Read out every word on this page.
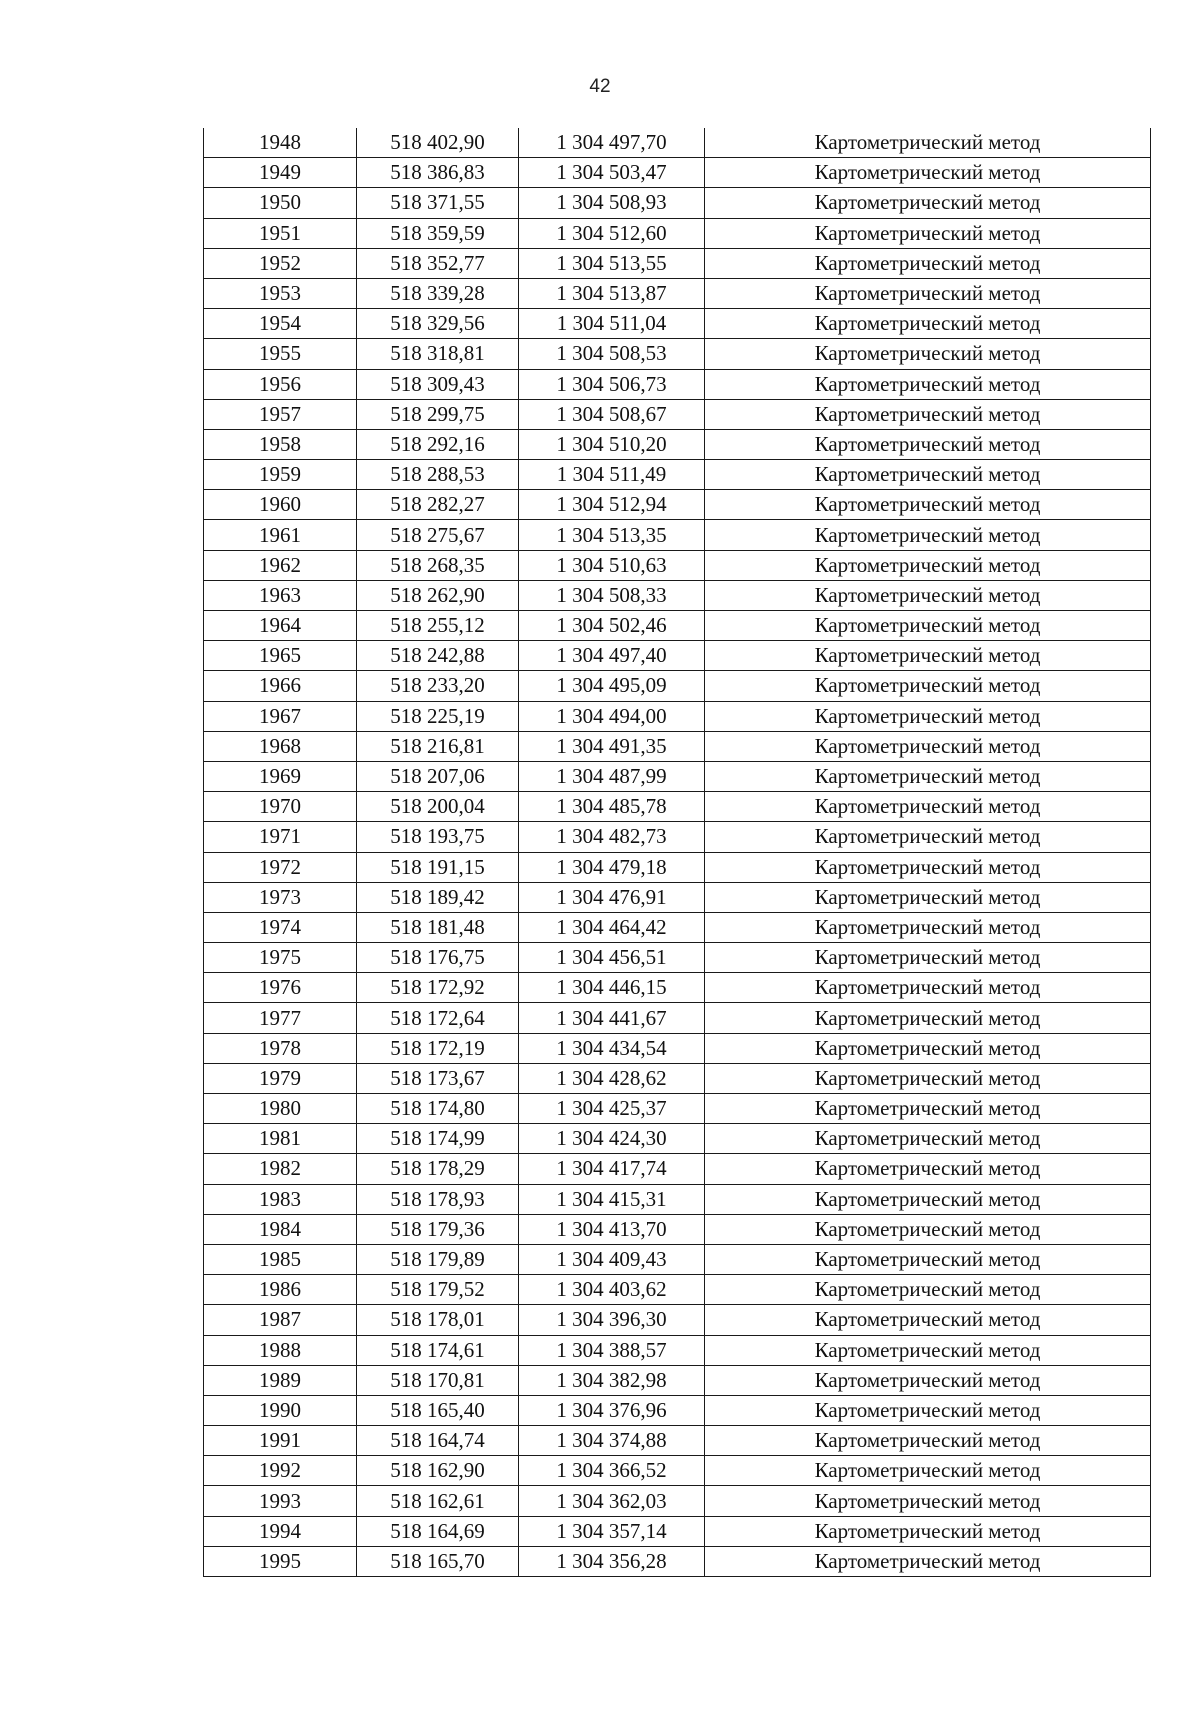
42
1948	518 402,90	1 304 497,70	Картометрический метод
1949	518 386,83	1 304 503,47	Картометрический метод
1950	518 371,55	1 304 508,93	Картометрический метод
1951	518 359,59	1 304 512,60	Картометрический метод
1952	518 352,77	1 304 513,55	Картометрический метод
1953	518 339,28	1 304 513,87	Картометрический метод
1954	518 329,56	1 304 511,04	Картометрический метод
1955	518 318,81	1 304 508,53	Картометрический метод
1956	518 309,43	1 304 506,73	Картометрический метод
1957	518 299,75	1 304 508,67	Картометрический метод
1958	518 292,16	1 304 510,20	Картометрический метод
1959	518 288,53	1 304 511,49	Картометрический метод
1960	518 282,27	1 304 512,94	Картометрический метод
1961	518 275,67	1 304 513,35	Картометрический метод
1962	518 268,35	1 304 510,63	Картометрический метод
1963	518 262,90	1 304 508,33	Картометрический метод
1964	518 255,12	1 304 502,46	Картометрический метод
1965	518 242,88	1 304 497,40	Картометрический метод
1966	518 233,20	1 304 495,09	Картометрический метод
1967	518 225,19	1 304 494,00	Картометрический метод
1968	518 216,81	1 304 491,35	Картометрический метод
1969	518 207,06	1 304 487,99	Картометрический метод
1970	518 200,04	1 304 485,78	Картометрический метод
1971	518 193,75	1 304 482,73	Картометрический метод
1972	518 191,15	1 304 479,18	Картометрический метод
1973	518 189,42	1 304 476,91	Картометрический метод
1974	518 181,48	1 304 464,42	Картометрический метод
1975	518 176,75	1 304 456,51	Картометрический метод
1976	518 172,92	1 304 446,15	Картометрический метод
1977	518 172,64	1 304 441,67	Картометрический метод
1978	518 172,19	1 304 434,54	Картометрический метод
1979	518 173,67	1 304 428,62	Картометрический метод
1980	518 174,80	1 304 425,37	Картометрический метод
1981	518 174,99	1 304 424,30	Картометрический метод
1982	518 178,29	1 304 417,74	Картометрический метод
1983	518 178,93	1 304 415,31	Картометрический метод
1984	518 179,36	1 304 413,70	Картометрический метод
1985	518 179,89	1 304 409,43	Картометрический метод
1986	518 179,52	1 304 403,62	Картометрический метод
1987	518 178,01	1 304 396,30	Картометрический метод
1988	518 174,61	1 304 388,57	Картометрический метод
1989	518 170,81	1 304 382,98	Картометрический метод
1990	518 165,40	1 304 376,96	Картометрический метод
1991	518 164,74	1 304 374,88	Картометрический метод
1992	518 162,90	1 304 366,52	Картометрический метод
1993	518 162,61	1 304 362,03	Картометрический метод
1994	518 164,69	1 304 357,14	Картометрический метод
1995	518 165,70	1 304 356,28	Картометрический метод
